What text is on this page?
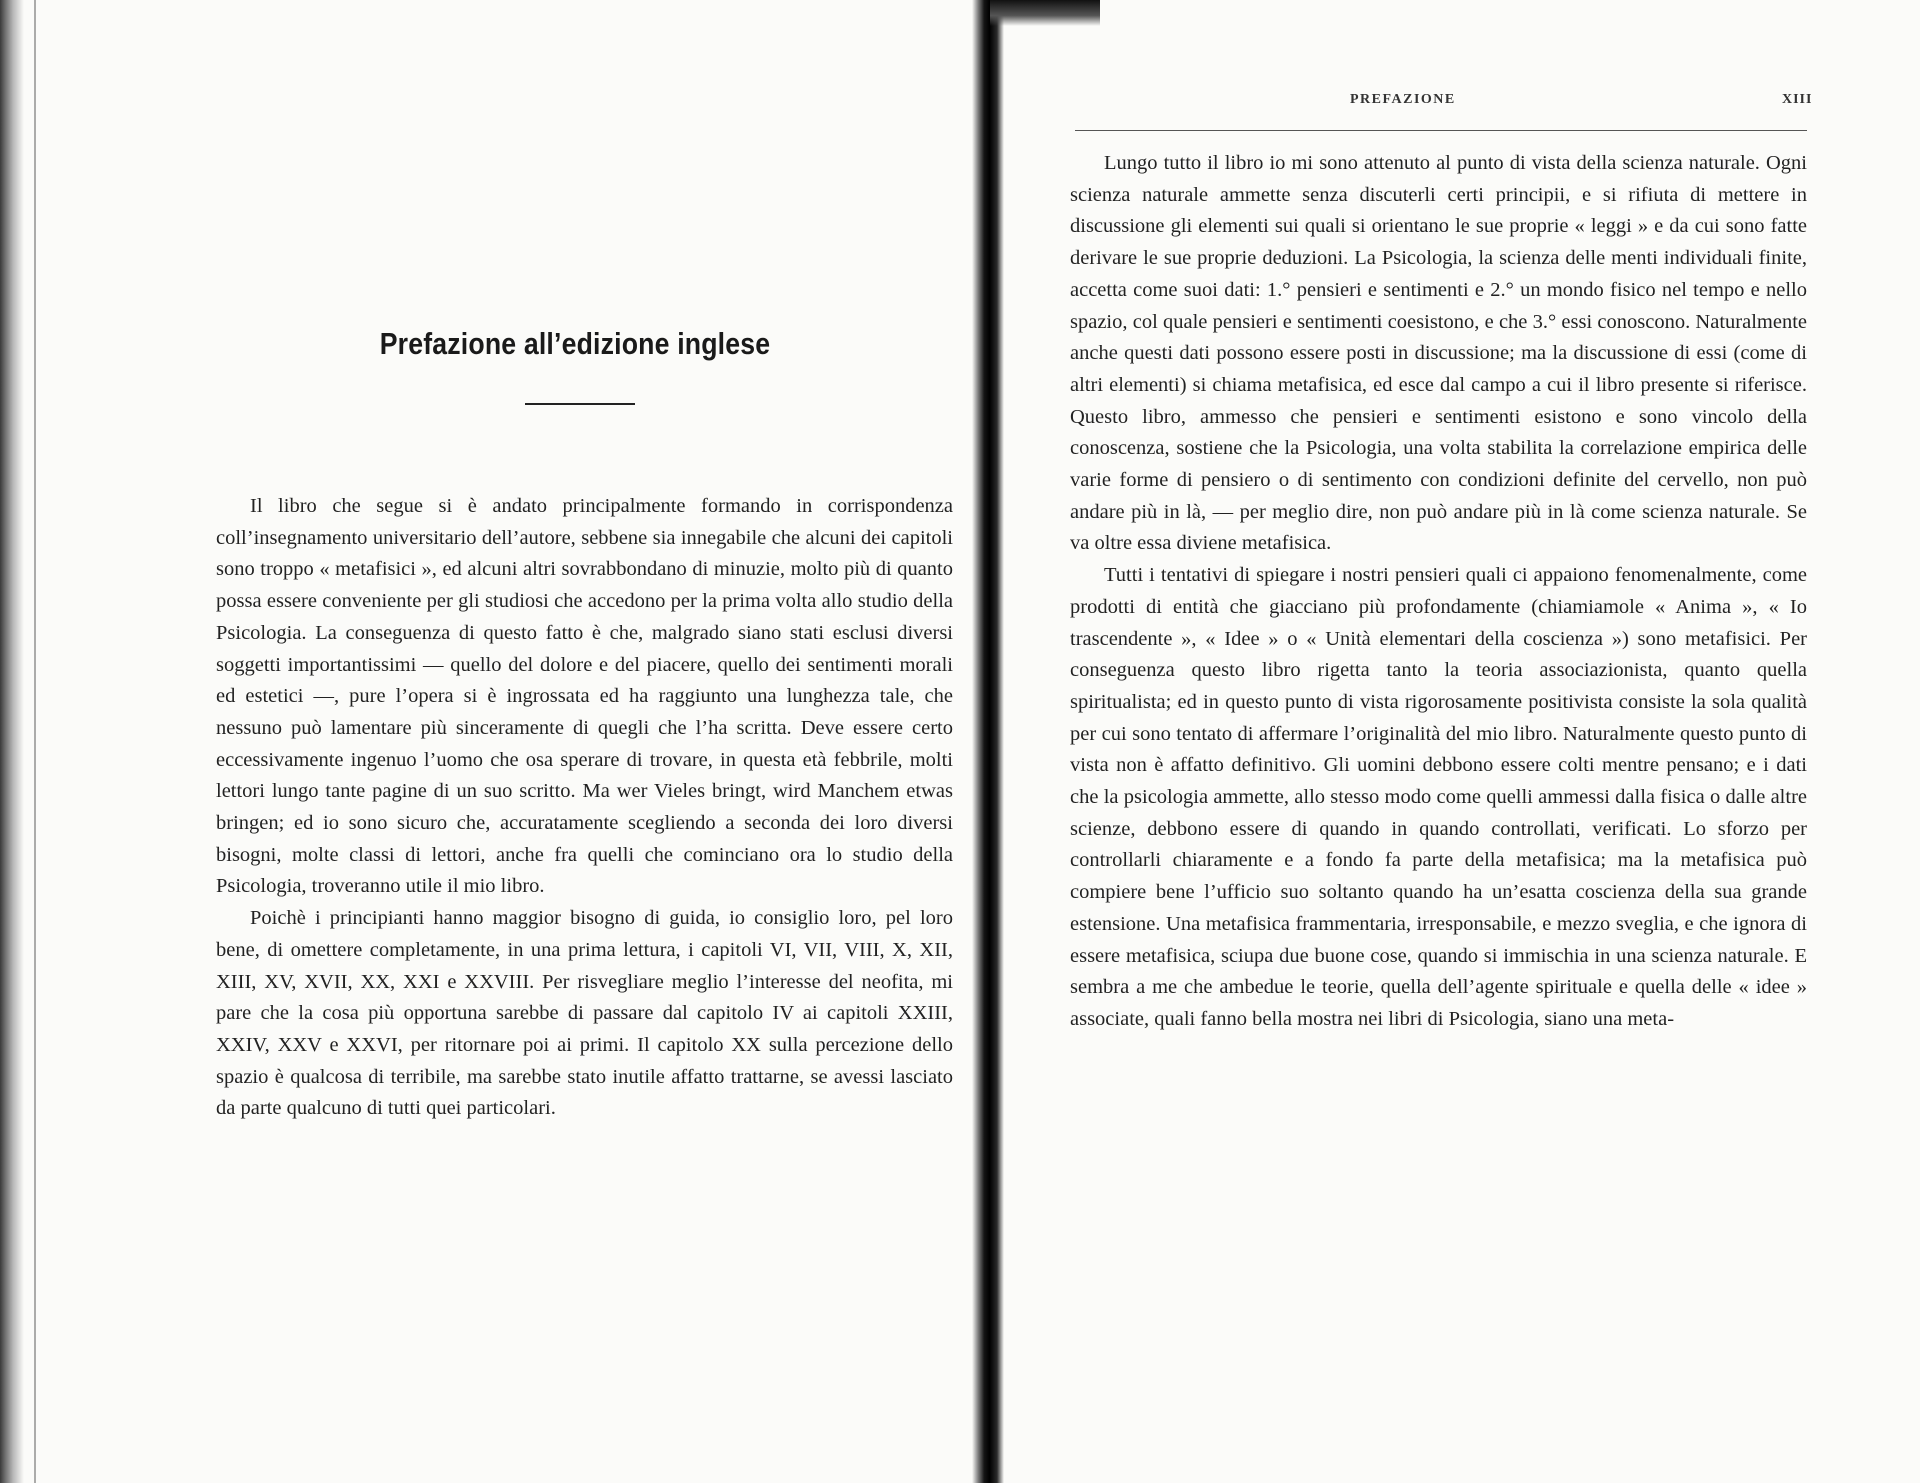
Prefazione all’edizione inglese

Il libro che segue si è andato principalmente formando in corrispondenza coll’insegnamento universitario dell’autore, sebbene sia innegabile che alcuni dei capitoli sono troppo « metafisici », ed alcuni altri sovrabbondano di minuzie, molto più di quanto possa essere conveniente per gli studiosi che accedono per la prima volta allo studio della Psicologia. La conseguenza di questo fatto è che, malgrado siano stati esclusi diversi soggetti importantissimi — quello del dolore e del piacere, quello dei sentimenti morali ed estetici —, pure l’opera si è ingrossata ed ha raggiunto una lunghezza tale, che nessuno può lamentare più sinceramente di quegli che l’ha scritta. Deve essere certo eccessivamente ingenuo l’uomo che osa sperare di trovare, in questa età febbrile, molti lettori lungo tante pagine di un suo scritto. Ma wer Vieles bringt, wird Manchem etwas bringen; ed io sono sicuro che, accuratamente scegliendo a seconda dei loro diversi bisogni, molte classi di lettori, anche fra quelli che cominciano ora lo studio della Psicologia, troveranno utile il mio libro.

Poichè i principianti hanno maggior bisogno di guida, io consiglio loro, pel loro bene, di omettere completamente, in una prima lettura, i capitoli VI, VII, VIII, X, XII, XIII, XV, XVII, XX, XXI e XXVIII. Per risvegliare meglio l’interesse del neofita, mi pare che la cosa più opportuna sarebbe di passare dal capitolo IV ai capitoli XXIII, XXIV, XXV e XXVI, per ritornare poi ai primi. Il capitolo XX sulla percezione dello spazio è qualcosa di terribile, ma sarebbe stato inutile affatto trattarne, se avessi lasciato da parte qualcuno di tutti quei particolari.

PREFAZIONE	XIII

Lungo tutto il libro io mi sono attenuto al punto di vista della scienza naturale. Ogni scienza naturale ammette senza discuterli certi principii, e si rifiuta di mettere in discussione gli elementi sui quali si orientano le sue proprie « leggi » e da cui sono fatte derivare le sue proprie deduzioni. La Psicologia, la scienza delle menti individuali finite, accetta come suoi dati: 1.° pensieri e sentimenti e 2.° un mondo fisico nel tempo e nello spazio, col quale pensieri e sentimenti coesistono, e che 3.° essi conoscono. Naturalmente anche questi dati possono essere posti in discussione; ma la discussione di essi (come di altri elementi) si chiama metafisica, ed esce dal campo a cui il libro presente si riferisce. Questo libro, ammesso che pensieri e sentimenti esistono e sono vincolo della conoscenza, sostiene che la Psicologia, una volta stabilita la correlazione empirica delle varie forme di pensiero o di sentimento con condizioni definite del cervello, non può andare più in là, — per meglio dire, non può andare più in là come scienza naturale. Se va oltre essa diviene metafisica.

Tutti i tentativi di spiegare i nostri pensieri quali ci appaiono fenomenalmente, come prodotti di entità che giacciano più profondamente (chiamiamole « Anima », « Io trascendente », « Idee » o « Unità elementari della coscienza ») sono metafisici. Per conseguenza questo libro rigetta tanto la teoria associazionista, quanto quella spiritualista; ed in questo punto di vista rigorosamente positivista consiste la sola qualità per cui sono tentato di affermare l’originalità del mio libro. Naturalmente questo punto di vista non è affatto definitivo. Gli uomini debbono essere colti mentre pensano; e i dati che la psicologia ammette, allo stesso modo come quelli ammessi dalla fisica o dalle altre scienze, debbono essere di quando in quando controllati, verificati. Lo sforzo per controllarli chiaramente e a fondo fa parte della metafisica; ma la metafisica può compiere bene l’ufficio suo soltanto quando ha un’esatta coscienza della sua grande estensione. Una metafisica frammentaria, irresponsabile, e mezzo sveglia, e che ignora di essere metafisica, sciupa due buone cose, quando si immischia in una scienza naturale. E sembra a me che ambedue le teorie, quella dell’agente spirituale e quella delle « idee » associate, quali fanno bella mostra nei libri di Psicologia, siano una meta-
